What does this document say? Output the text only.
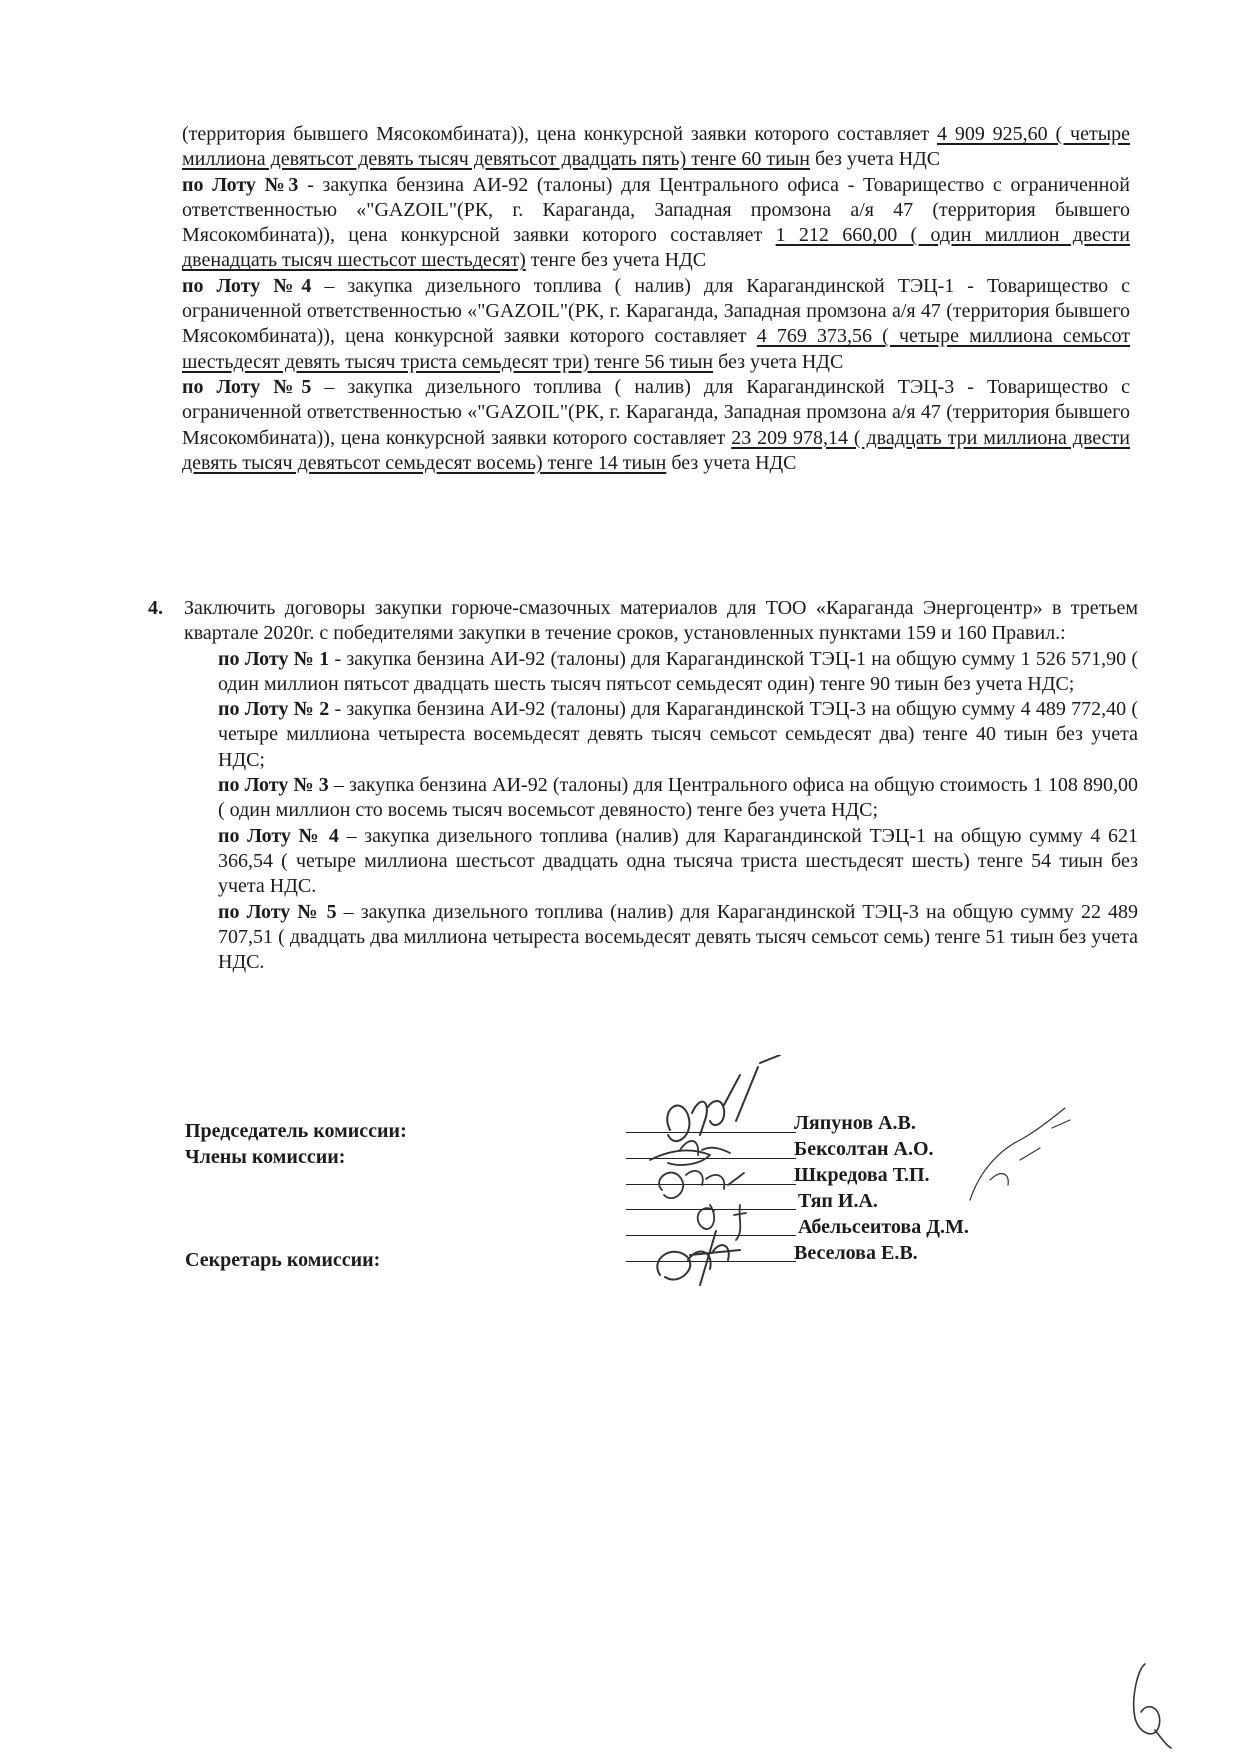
(территория бывшего Мясокомбината)), цена конкурсной заявки которого составляет 4 909 925,60 ( четыре миллиона девятьсот девять тысяч девятьсот двадцать пять) тенге 60 тиын без учета НДС

по Лоту №3 - закупка бензина АИ-92 (талоны) для Центрального офиса - Товарищество с ограниченной ответственностью «"GAZOIL"(РК, г. Караганда, Западная промзона а/я 47 (территория бывшего Мясокомбината)), цена конкурсной заявки которого составляет 1 212 660,00 ( один миллион двести двенадцать тысяч шестьсот шестьдесят) тенге без учета НДС

по Лоту №4 – закупка дизельного топлива ( налив) для Карагандинской ТЭЦ-1 - Товарищество с ограниченной ответственностью «"GAZOIL"(РК, г. Караганда, Западная промзона а/я 47 (территория бывшего Мясокомбината)), цена конкурсной заявки которого составляет 4 769 373,56 ( четыре миллиона семьсот шестьдесят девять тысяч триста семьдесят три) тенге 56 тиын без учета НДС

по Лоту №5 – закупка дизельного топлива ( налив) для Карагандинской ТЭЦ-3 - Товарищество с ограниченной ответственностью «"GAZOIL"(РК, г. Караганда, Западная промзона а/я 47 (территория бывшего Мясокомбината)), цена конкурсной заявки которого составляет 23 209 978,14 ( двадцать три миллиона двести девять тысяч девятьсот семьдесят восемь) тенге 14 тиын без учета НДС

4. Заключить договоры закупки горюче-смазочных материалов для ТОО «Караганда Энергоцентр» в третьем квартале 2020г. с победителями закупки в течение сроков, установленных пунктами 159 и 160 Правил.:

по Лоту № 1 - закупка бензина АИ-92 (талоны) для Карагандинской ТЭЦ-1 на общую сумму 1 526 571,90 ( один миллион пятьсот двадцать шесть тысяч пятьсот семьдесят один) тенге 90 тиын без учета НДС;

по Лоту № 2 - закупка бензина АИ-92 (талоны) для Карагандинской ТЭЦ-3 на общую сумму 4 489 772,40 ( четыре миллиона четыреста восемьдесят девять тысяч семьсот семьдесят два) тенге 40 тиын без учета НДС;

по Лоту № 3 – закупка бензина АИ-92 (талоны) для Центрального офиса на общую стоимость 1 108 890,00 ( один миллион сто восемь тысяч восемьсот девяносто) тенге без учета НДС;

по Лоту № 4 – закупка дизельного топлива (налив) для Карагандинской ТЭЦ-1 на общую сумму 4 621 366,54 ( четыре миллиона шестьсот двадцать одна тысяча триста шестьдесят шесть) тенге 54 тиын без учета НДС.

по Лоту № 5 – закупка дизельного топлива (налив) для Карагандинской ТЭЦ-3 на общую сумму 22 489 707,51 ( двадцать два миллиона четыреста восемьдесят девять тысяч семьсот семь) тенге 51 тиын без учета НДС.

Председатель комиссии:
Члены комиссии:
Секретарь комиссии:
Ляпунов А.В.
Бексолтан А.О.
Шкредова Т.П.
Тяп И.А.
Абельсеитова Д.М.
Веселова Е.В.
